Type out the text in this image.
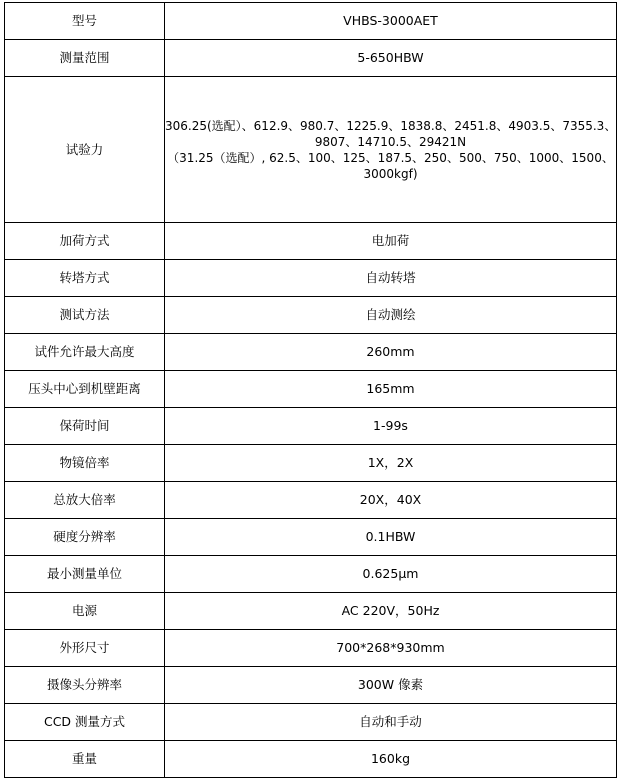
型号	VHBS-3000AET
测量范围	5-650HBW
试验力	306.25(选配）、612.9、980.7、1225.9、1838.8、2451.8、4903.5、7355.3、
9807、14710.5、29421N
（31.25（选配）, 62.5、100、125、187.5、250、500、750、1000、1500、
3000kgf)

加荷方式	电加荷
转塔方式	自动转塔
测试方法	自动测绘
试件允许最大高度	260mm
压头中心到机壁距离	165mm
保荷时间	1-99s
物镜倍率	1X，2X
总放大倍率	20X，40X
硬度分辨率	0.1HBW
最小测量单位	0.625μm
电源	AC 220V，50Hz
外形尺寸	700*268*930mm
摄像头分辨率	300W 像素
CCD 测量方式	自动和手动
重量	160kg
